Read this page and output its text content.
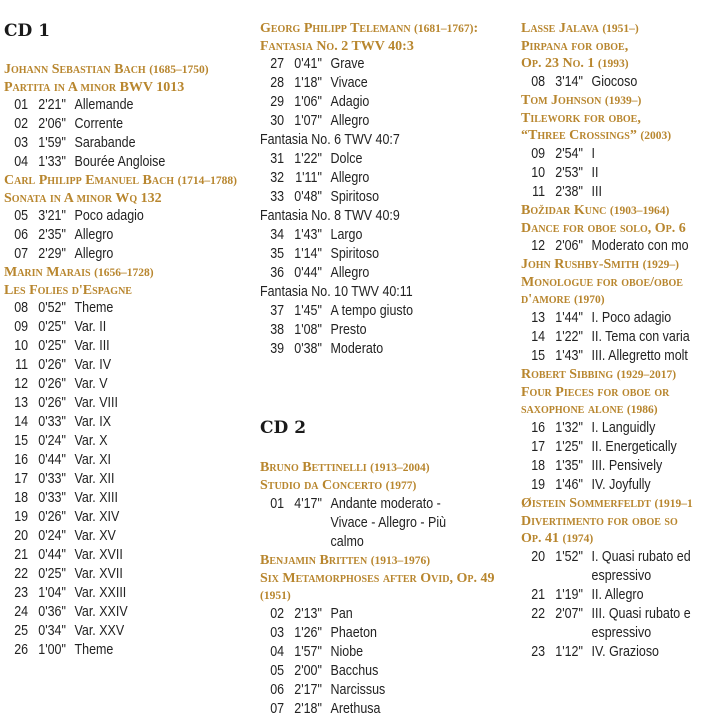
CD 1
Johann Sebastian Bach (1685–1750)
Partita in A minor BWV 1013
01 2'21" Allemande
02 2'06" Corrente
03 1'59" Sarabande
04 1'33" Bourée Angloise
Carl Philipp Emanuel Bach (1714–1788)
Sonata in A minor Wq 132
05 3'21" Poco adagio
06 2'35" Allegro
07 2'29" Allegro
Marin Marais (1656–1728)
Les Folies d'Espagne
08 0'52" Theme
09 0'25" Var. II
10 0'25" Var. III
11 0'26" Var. IV
12 0'26" Var. V
13 0'26" Var. VIII
14 0'33" Var. IX
15 0'24" Var. X
16 0'44" Var. XI
17 0'33" Var. XII
18 0'33" Var. XIII
19 0'26" Var. XIV
20 0'24" Var. XV
21 0'44" Var. XVII
22 0'25" Var. XVII
23 1'04" Var. XXIII
24 0'36" Var. XXIV
25 0'34" Var. XXV
26 1'00" Theme
Georg Philipp Telemann (1681–1767): Fantasia No. 2 TWV 40:3
27 0'41" Grave
28 1'18" Vivace
29 1'06" Adagio
30 1'07" Allegro
Fantasia No. 6 TWV 40:7
31 1'22" Dolce
32 1'11" Allegro
33 0'48" Spiritoso
Fantasia No. 8 TWV 40:9
34 1'43" Largo
35 1'14" Spiritoso
36 0'44" Allegro
Fantasia No. 10 TWV 40:11
37 1'45" A tempo giusto
38 1'08" Presto
39 0'38" Moderato
CD 2
Bruno Bettinelli (1913–2004)
Studio da Concerto (1977)
01 4'17" Andante moderato - Vivace - Allegro - Più calmo
Benjamin Britten (1913–1976)
Six Metamorphoses after Ovid, Op. 49 (1951)
02 2'13" Pan
03 1'26" Phaeton
04 1'57" Niobe
05 2'00" Bacchus
06 2'17" Narcissus
07 2'18" Arethusa
Lasse Jalava (1951–)
Pirpana for oboe,
Op. 23 No. 1 (1993)
08 3'14" Giocoso
Tom Johnson (1939–)
Tilework for oboe,
“Three Crossings” (2003)
09 2'54" I
10 2'53" II
11 2'38" III
Božidar Kunc (1903–1964)
Dance for oboe solo, Op. 6
12 2'06" Moderato con mo
John Rushby-Smith (1929–)
Monologue for oboe/oboe
d'amore (1970)
13 1'44" I. Poco adagio
14 1'22" II. Tema con varia
15 1'43" III. Allegretto molt
Robert Sibbing (1929–2017)
Four Pieces for oboe or
saxophone alone (1986)
16 1'32" I. Languidly
17 1'25" II. Energetically
18 1'35" III. Pensively
19 1'46" IV. Joyfully
Øistein Sommerfeldt (1919–1
Divertimento for oboe so
Op. 41 (1974)
20 1'52" I. Quasi rubato ed espressivo
21 1'19" II. Allegro
22 2'07" III. Quasi rubato e espressivo
23 1'12" IV. Grazioso
